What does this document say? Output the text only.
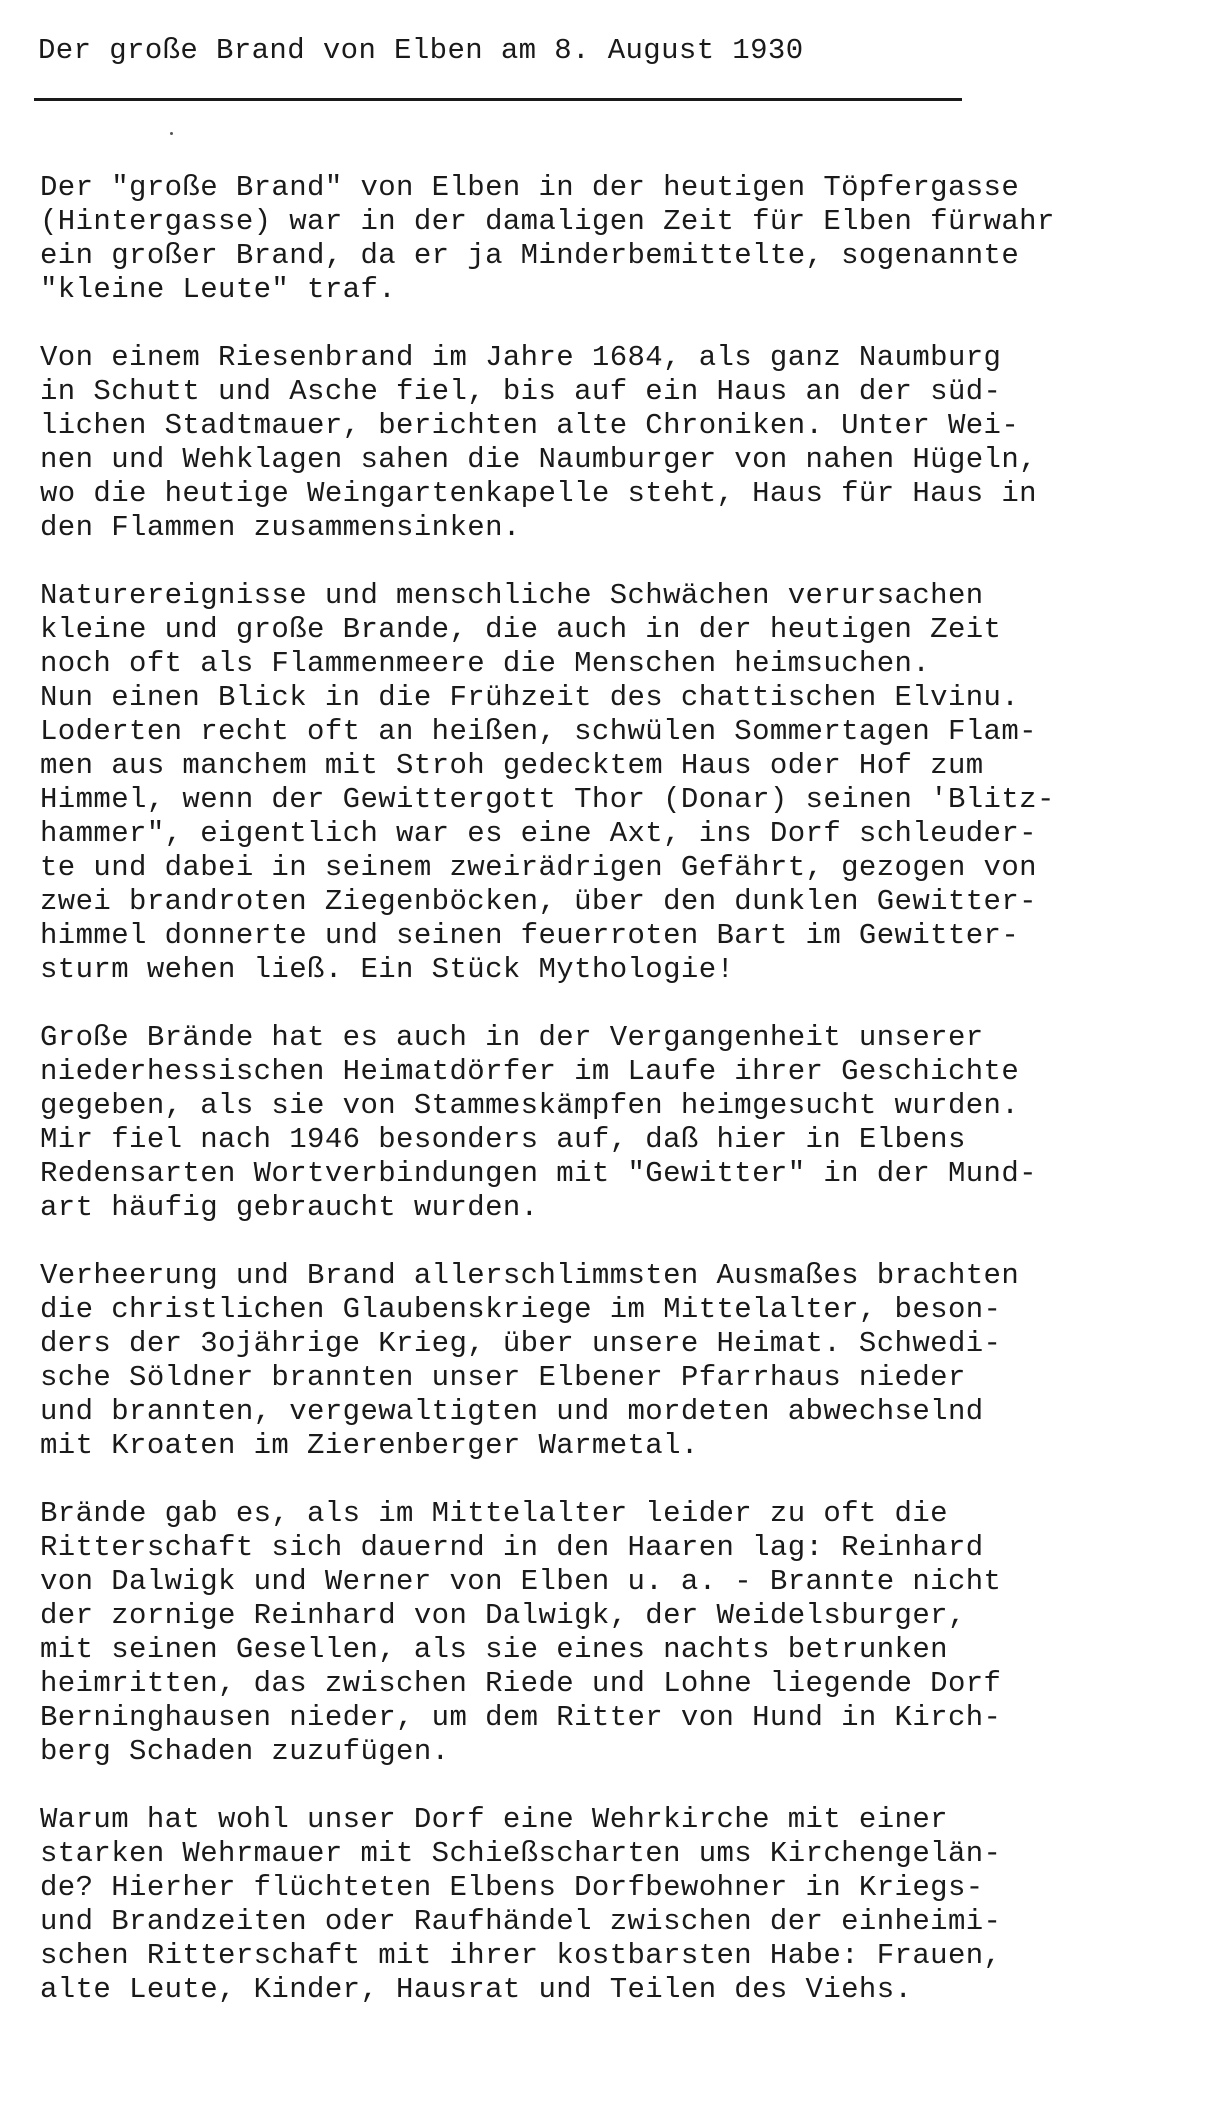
Der große Brand von Elben am 8. August 1930

Der "große Brand" von Elben in der heutigen Töpfergasse
(Hintergasse) war in der damaligen Zeit für Elben fürwahr
ein großer Brand, da er ja Minderbemittelte, sogenannte
"kleine Leute" traf.

Von einem Riesenbrand im Jahre 1684, als ganz Naumburg
in Schutt und Asche fiel, bis auf ein Haus an der süd-
lichen Stadtmauer, berichten alte Chroniken. Unter Wei-
nen und Wehklagen sahen die Naumburger von nahen Hügeln,
wo die heutige Weingartenkapelle steht, Haus für Haus in
den Flammen zusammensinken.

Naturereignisse und menschliche Schwächen verursachen
kleine und große Brande, die auch in der heutigen Zeit
noch oft als Flammenmeere die Menschen heimsuchen.
Nun einen Blick in die Frühzeit des chattischen Elvinu.
Loderten recht oft an heißen, schwülen Sommertagen Flam-
men aus manchem mit Stroh gedecktem Haus oder Hof zum
Himmel, wenn der Gewittergott Thor (Donar) seinen 'Blitz-
hammer", eigentlich war es eine Axt, ins Dorf schleuder-
te und dabei in seinem zweirädrigen Gefährt, gezogen von
zwei brandroten Ziegenböcken, über den dunklen Gewitter-
himmel donnerte und seinen feuerroten Bart im Gewitter-
sturm wehen ließ. Ein Stück Mythologie!

Große Brände hat es auch in der Vergangenheit unserer
niederhessischen Heimatdörfer im Laufe ihrer Geschichte
gegeben, als sie von Stammeskämpfen heimgesucht wurden.
Mir fiel nach 1946 besonders auf, daß hier in Elbens
Redensarten Wortverbindungen mit "Gewitter" in der Mund-
art häufig gebraucht wurden.

Verheerung und Brand allerschlimmsten Ausmaßes brachten
die christlichen Glaubenskriege im Mittelalter, beson-
ders der 3ojährige Krieg, über unsere Heimat. Schwedi-
sche Söldner brannten unser Elbener Pfarrhaus nieder
und brannten, vergewaltigten und mordeten abwechselnd
mit Kroaten im Zierenberger Warmetal.

Brände gab es, als im Mittelalter leider zu oft die
Ritterschaft sich dauernd in den Haaren lag: Reinhard
von Dalwigk und Werner von Elben u. a. - Brannte nicht
der zornige Reinhard von Dalwigk, der Weidelsburger,
mit seinen Gesellen, als sie eines nachts betrunken
heimritten, das zwischen Riede und Lohne liegende Dorf
Berninghausen nieder, um dem Ritter von Hund in Kirch-
berg Schaden zuzufügen.

Warum hat wohl unser Dorf eine Wehrkirche mit einer
starken Wehrmauer mit Schießscharten ums Kirchengelän-
de? Hierher flüchteten Elbens Dorfbewohner in Kriegs-
und Brandzeiten oder Raufhändel zwischen der einheimi-
schen Ritterschaft mit ihrer kostbarsten Habe: Frauen,
alte Leute, Kinder, Hausrat und Teilen des Viehs.
